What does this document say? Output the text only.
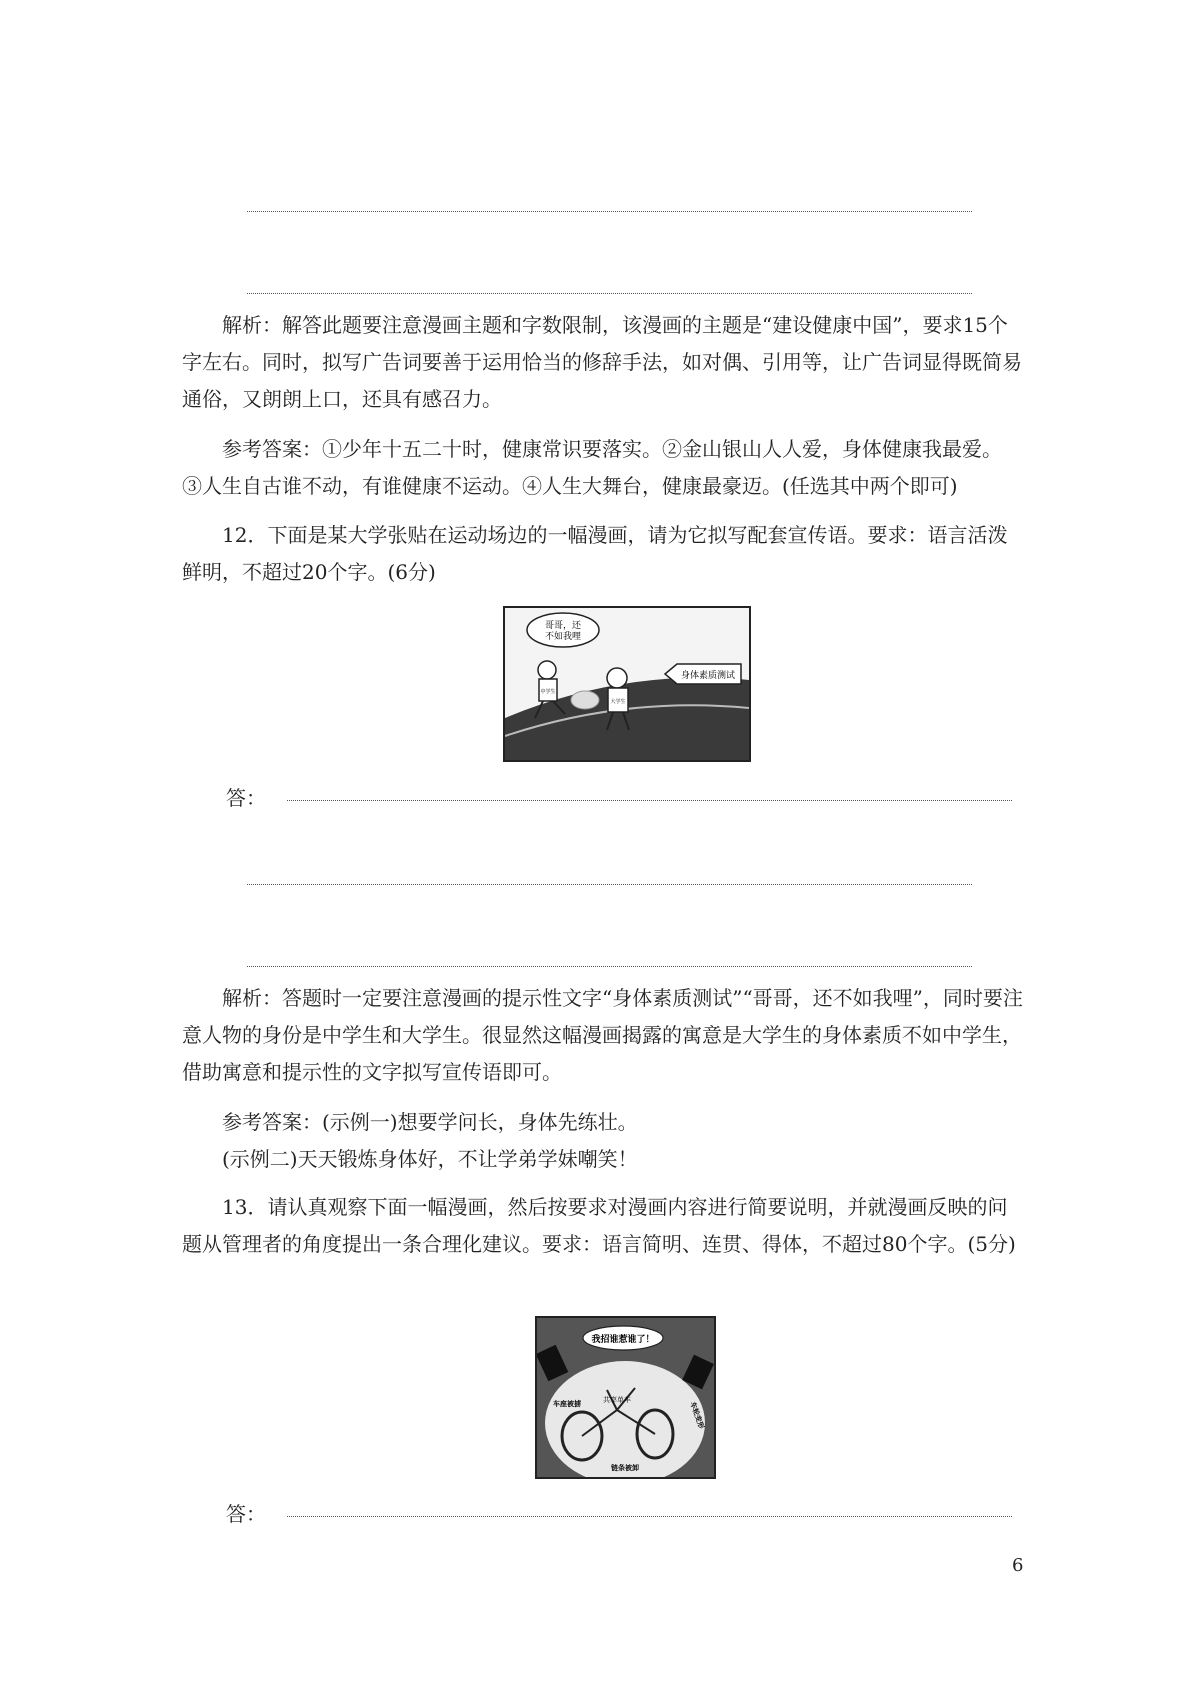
解析：解答此题要注意漫画主题和字数限制，该漫画的主题是“建设健康中国”，要求15个字左右。同时，拟写广告词要善于运用恰当的修辞手法，如对偶、引用等，让广告词显得既简易通俗，又朗朗上口，还具有感召力。

参考答案：①少年十五二十时，健康常识要落实。②金山银山人人爱，身体健康我最爱。

③人生自古谁不动，有谁健康不运动。④人生大舞台，健康最豪迈。(任选其中两个即可)

12．下面是某大学张贴在运动场边的一幅漫画，请为它拟写配套宣传语。要求：语言活泼鲜明，不超过20个字。(6分)

哥哥，还
不如我哩
中学生
大学生
身体素质测试
答：

解析：答题时一定要注意漫画的提示性文字“身体素质测试”“哥哥，还不如我哩”，同时要注意人物的身份是中学生和大学生。很显然这幅漫画揭露的寓意是大学生的身体素质不如中学生，借助寓意和提示性的文字拟写宣传语即可。

参考答案：(示例一)想要学问长，身体先练壮。

(示例二)天天锻炼身体好，不让学弟学妹嘲笑！

13．请认真观察下面一幅漫画，然后按要求对漫画内容进行简要说明，并就漫画反映的问题从管理者的角度提出一条合理化建议。要求：语言简明、连贯、得体，不超过80个字。(5分)

我招谁惹谁了！
共享单车
车座被掳	车轮变形
链条被卸
答：
6
